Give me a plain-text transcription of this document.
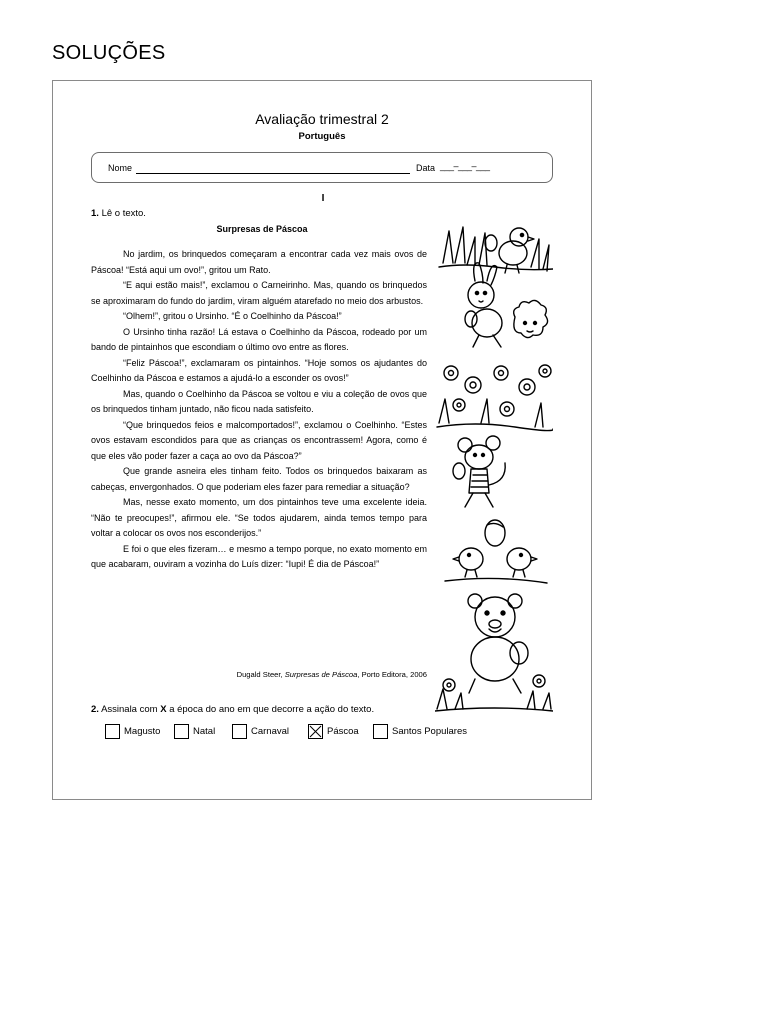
SOLUÇÕES
Avaliação trimestral 2
Português
Nome	Data ___–___–___
I
1. Lê o texto.
Surpresas de Páscoa

No jardim, os brinquedos começaram a encontrar cada vez mais ovos de Páscoa! “Está aqui um ovo!”, gritou um Rato.

“E aqui estão mais!”, exclamou o Carneirinho. Mas, quando os brinquedos se aproximaram do fundo do jardim, viram alguém atarefado no meio dos arbustos.

“Olhem!”, gritou o Ursinho. “É o Coelhinho da Páscoa!”

O Ursinho tinha razão! Lá estava o Coelhinho da Páscoa, rodeado por um bando de pintainhos que escondiam o último ovo entre as flores.

“Feliz Páscoa!”, exclamaram os pintainhos. “Hoje somos os ajudantes do Coelhinho da Páscoa e estamos a ajudá-lo a esconder os ovos!”

Mas, quando o Coelhinho da Páscoa se voltou e viu a coleção de ovos que os brinquedos tinham juntado, não ficou nada satisfeito.

“Que brinquedos feios e malcomportados!”, exclamou o Coelhinho. “Estes ovos estavam escondidos para que as crianças os encontrassem! Agora, como é que eles vão poder fazer a caça ao ovo da Páscoa?”

Que grande asneira eles tinham feito. Todos os brinquedos baixaram as cabeças, envergonhados. O que poderiam eles fazer para remediar a situação?

Mas, nesse exato momento, um dos pintainhos teve uma excelente ideia. “Não te preocupes!”, afirmou ele. “Se todos ajudarem, ainda temos tempo para voltar a colocar os ovos nos esconderijos.”

E foi o que eles fizeram… e mesmo a tempo porque, no exato momento em que acabaram, ouviram a vozinha do Luís dizer: “Iupi! É dia de Páscoa!”

Dugald Steer, Surpresas de Páscoa, Porto Editora, 2006
2. Assinala com X a época do ano em que decorre a ação do texto.
Magusto	Natal	Carnaval	Páscoa	Santos Populares
